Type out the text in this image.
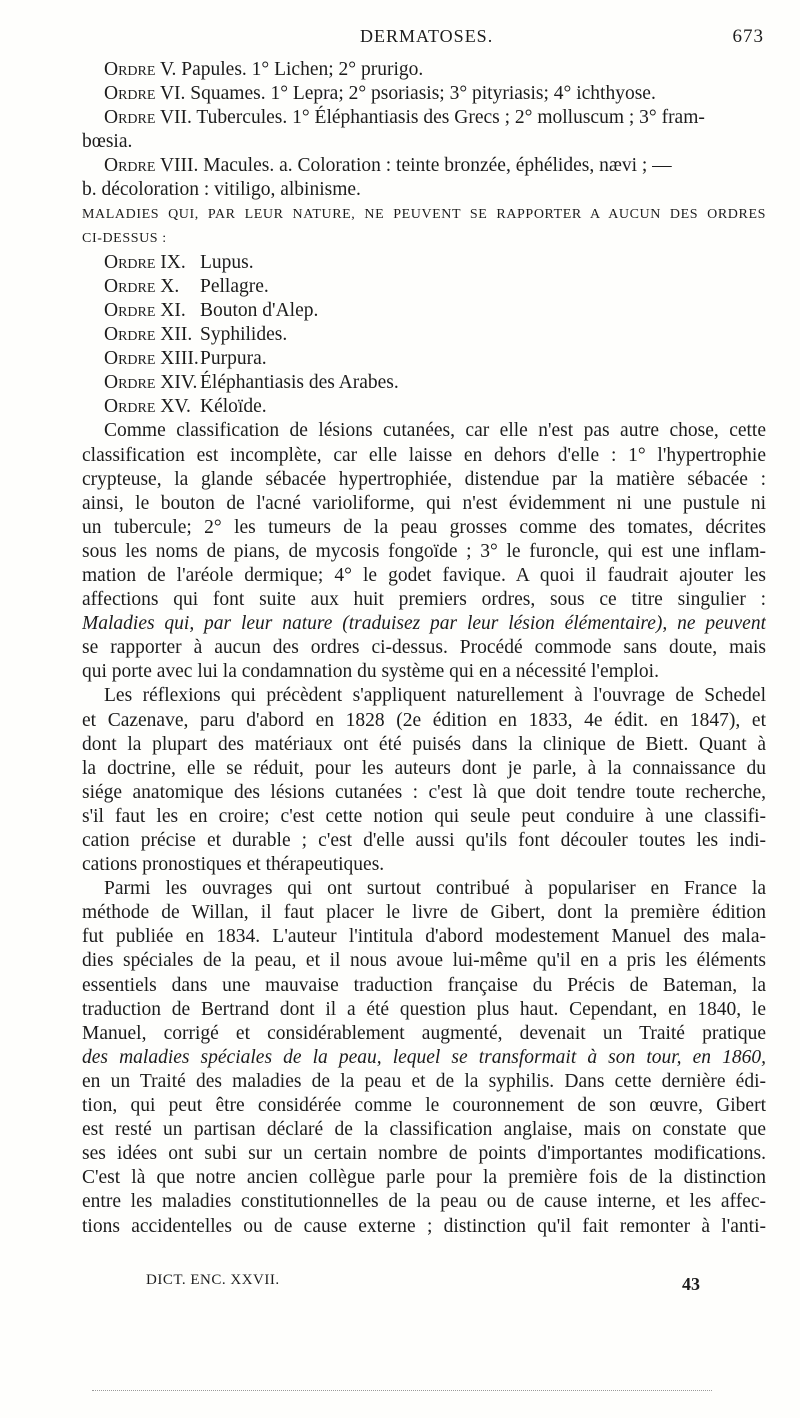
DERMATOSES.	673
Ordre V. Papules. 1° Lichen; 2° prurigo.
Ordre VI. Squames. 1° Lepra; 2° psoriasis; 3° pityriasis; 4° ichthyose.
Ordre VII. Tubercules. 1° Éléphantiasis des Grecs ; 2° molluscum ; 3° fram-
bœsia.
Ordre VIII. Macules. a. Coloration : teinte bronzée, éphélides, nævi ; —
b. décoloration : vitiligo, albinisme.
MALADIES QUI, PAR LEUR NATURE, NE PEUVENT SE RAPPORTER A AUCUN DES ORDRES
CI-DESSUS :
Ordre IX. Lupus.
Ordre X.	Pellagre.
Ordre XI. Bouton d'Alep.
Ordre XII. Syphilides.
Ordre XIII. Purpura.
Ordre XIV. Éléphantiasis des Arabes.
Ordre XV. Kéloïde.
Comme classification de lésions cutanées, car elle n'est pas autre chose, cette
classification est incomplète, car elle laisse en dehors d'elle : 1° l'hypertrophie
crypteuse, la glande sébacée hypertrophiée, distendue par la matière sébacée :
ainsi, le bouton de l'acné varioliforme, qui n'est évidemment ni une pustule ni
un tubercule; 2° les tumeurs de la peau grosses comme des tomates, décrites
sous les noms de pians, de mycosis fongoïde ; 3° le furoncle, qui est une inflam-
mation de l'aréole dermique; 4° le godet favique. A quoi il faudrait ajouter les
affections qui font suite aux huit premiers ordres, sous ce titre singulier :
Maladies qui, par leur nature (traduisez par leur lésion élémentaire), ne peuvent
se rapporter à aucun des ordres ci-dessus. Procédé commode sans doute, mais
qui porte avec lui la condamnation du système qui en a nécessité l'emploi.
Les réflexions qui précèdent s'appliquent naturellement à l'ouvrage de Schedel
et Cazenave, paru d'abord en 1828 (2e édition en 1833, 4e édit. en 1847), et
dont la plupart des matériaux ont été puisés dans la clinique de Biett. Quant à
la doctrine, elle se réduit, pour les auteurs dont je parle, à la connaissance du
siége anatomique des lésions cutanées : c'est là que doit tendre toute recherche,
s'il faut les en croire; c'est cette notion qui seule peut conduire à une classifi-
cation précise et durable ; c'est d'elle aussi qu'ils font découler toutes les indi-
cations pronostiques et thérapeutiques.
Parmi les ouvrages qui ont surtout contribué à populariser en France la
méthode de Willan, il faut placer le livre de Gibert, dont la première édition
fut publiée en 1834. L'auteur l'intitula d'abord modestement Manuel des mala-
dies spéciales de la peau, et il nous avoue lui-même qu'il en a pris les éléments
essentiels dans une mauvaise traduction française du Précis de Bateman, la
traduction de Bertrand dont il a été question plus haut. Cependant, en 1840, le
Manuel, corrigé et considérablement augmenté, devenait un Traité pratique
des maladies spéciales de la peau, lequel se transformait à son tour, en 1860,
en un Traité des maladies de la peau et de la syphilis. Dans cette dernière édi-
tion, qui peut être considérée comme le couronnement de son œuvre, Gibert
est resté un partisan déclaré de la classification anglaise, mais on constate que
ses idées ont subi sur un certain nombre de points d'importantes modifications.
C'est là que notre ancien collègue parle pour la première fois de la distinction
entre les maladies constitutionnelles de la peau ou de cause interne, et les affec-
tions accidentelles ou de cause externe ; distinction qu'il fait remonter à l'anti-
DICT. ENC. XXVII.	43
